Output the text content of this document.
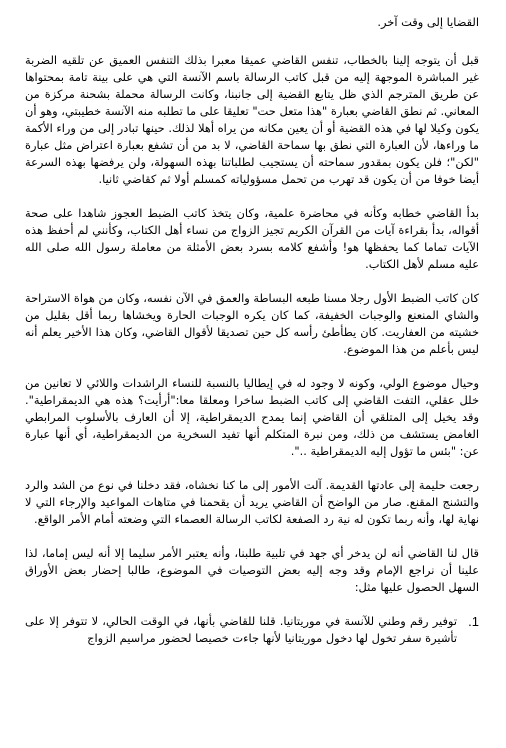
القضايا إلى وقت آخر.

قبل أن يتوجه إلينا بالخطاب، تنفس القاضي عميقا معبرا بذلك التنفس العميق عن تلقيه الضربة غير المباشرة الموجهة إليه من قبل كاتب الرسالة باسم الآنسة التي هي على بينة تامة بمحتواها عن طريق المترجم الذي ظل يتابع القضية إلى جانبنا، وكانت الرسالة محملة بشحنة مركزة من المعاني. ثم نطق القاضي بعبارة "هذا متعل حت" تعليقا على ما تطلبه منه الآنسة خطيبتي، وهو أن يكون وكيلا لها في هذه القضية أو أن يعين مكانه من يراه أهلا لذلك. حينها تبادر إلى من وراء الأكمة ما وراءها، لأن العبارة التي نطق بها سماحة القاضي، لا بد من أن تشفع بعبارة اعتراض مثل عبارة "لكن"؛ فلن يكون بمقدور سماحته أن يستجيب لطلباتنا بهذه السهولة، ولن يرفضها بهذه السرعة أيضا خوفا من أن يكون قد تهرب من تحمل مسؤولياته كمسلم أولا ثم كقاضي ثانيا.

بدأ القاضي خطابه وكأنه في محاضرة علمية، وكان يتخذ كاتب الضبط العجوز شاهدا على صحة أقواله، بدأ بقراءة آيات من القرآن الكريم تجيز الزواج من نساء أهل الكتاب، وكأنني لم أحفظ هذه الآيات تماما كما يحفظها هو! وأشفع كلامه بسرد بعض الأمثلة من معاملة رسول الله صلى الله عليه مسلم لأهل الكتاب.

كان كاتب الضبط الأول رجلا مسنا طبعه البساطة والعمق في الآن نفسه، وكان من هواة الاستراحة والشاي المنعنع والوجبات الخفيفة، كما كان يكره الوجبات الحارة ويخشاها ربما أقل بقليل من خشيته من العفاريت. كان يطأطئ رأسه كل حين تصديقا لأقوال القاضي، وكان هذا الأخير يعلم أنه ليس بأعلم من هذا الموضوع.

وحيال موضوع الولي، وكونه لا وجود له في إيطاليا بالنسبة للنساء الراشدات واللائي لا تعانين من خلل عقلي، التفت القاضي إلى كاتب الضبط ساخرا ومعلقا معا:"أرأيت؟ هذه هي الديمقراطية". وقد يخيل إلى المتلقي أن القاضي إنما يمدح الديمقراطية، إلا أن العارف بالأسلوب المرابطي الغامض يستشف من ذلك، ومن نبرة المتكلم أنها تفيد السخرية من الديمقراطية، أي أنها عبارة عن: "بئس ما تؤول إليه الديمقراطية ..".

رجعت حليمة إلى عادتها القديمة. آلت الأمور إلى ما كنا نخشاه، فقد دخلنا في نوع من الشد والرد والتشنج المقنع. صار من الواضح أن القاضي يريد أن يقحمنا في متاهات المواعيد والإرجاء التي لا نهاية لها، وأنه ربما تكون له نية رد الصفعة لكاتب الرسالة العصماء التي وضعته أمام الأمر الواقع.

قال لنا القاضي أنه لن يدخر أي جهد في تلبية طلبنا، وأنه يعتبر الأمر سليما إلا أنه ليس إماما، لذا علينا أن نراجع الإمام وقد وجه إليه بعض التوصيات في الموضوع، طالبا إحضار بعض الأوراق السهل الحصول عليها مثل:

1.
توفير رقم وطني للآنسة في موريتانيا. قلنا للقاضي بأنها، في الوقت الحالي، لا تتوفر إلا على تأشيرة سفر تخول لها دخول موريتانيا لأنها جاءت خصيصا لحضور مراسيم الزواج
